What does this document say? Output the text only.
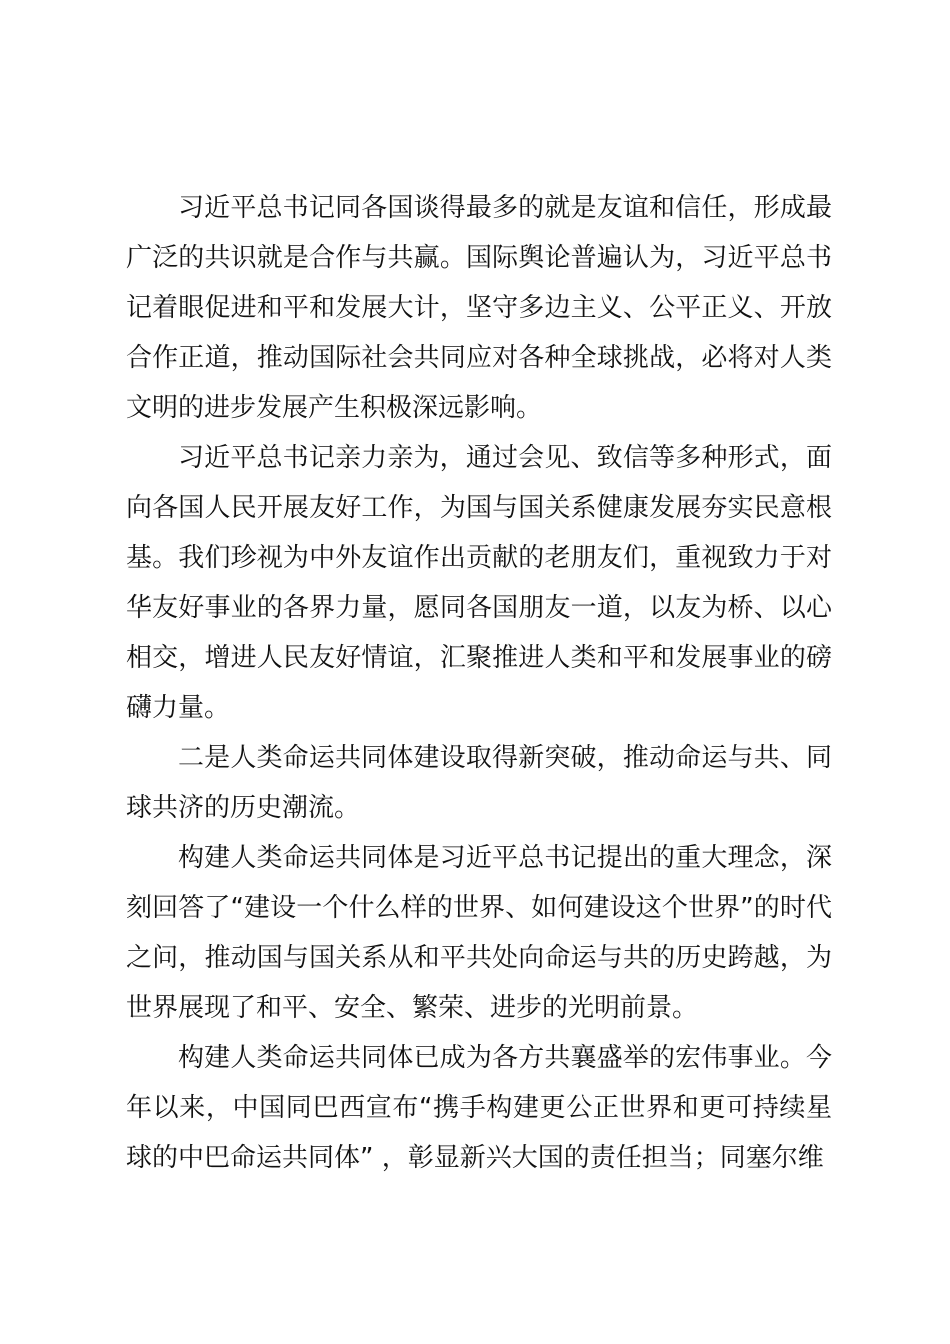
习近平总书记同各国谈得最多的就是友谊和信任，形成最广泛的共识就是合作与共赢。国际舆论普遍认为，习近平总书记着眼促进和平和发展大计，坚守多边主义、公平正义、开放合作正道，推动国际社会共同应对各种全球挑战，必将对人类文明的进步发展产生积极深远影响。

习近平总书记亲力亲为，通过会见、致信等多种形式，面向各国人民开展友好工作，为国与国关系健康发展夯实民意根基。我们珍视为中外友谊作出贡献的老朋友们，重视致力于对华友好事业的各界力量，愿同各国朋友一道，以友为桥、以心相交，增进人民友好情谊，汇聚推进人类和平和发展事业的磅礴力量。

二是人类命运共同体建设取得新突破，推动命运与共、同球共济的历史潮流。

构建人类命运共同体是习近平总书记提出的重大理念，深刻回答了“建设一个什么样的世界、如何建设这个世界”的时代之问，推动国与国关系从和平共处向命运与共的历史跨越，为世界展现了和平、安全、繁荣、进步的光明前景。

构建人类命运共同体已成为各方共襄盛举的宏伟事业。今年以来，中国同巴西宣布“携手构建更公正世界和更可持续星球的中巴命运共同体” ，彰显新兴大国的责任担当；同塞尔维
